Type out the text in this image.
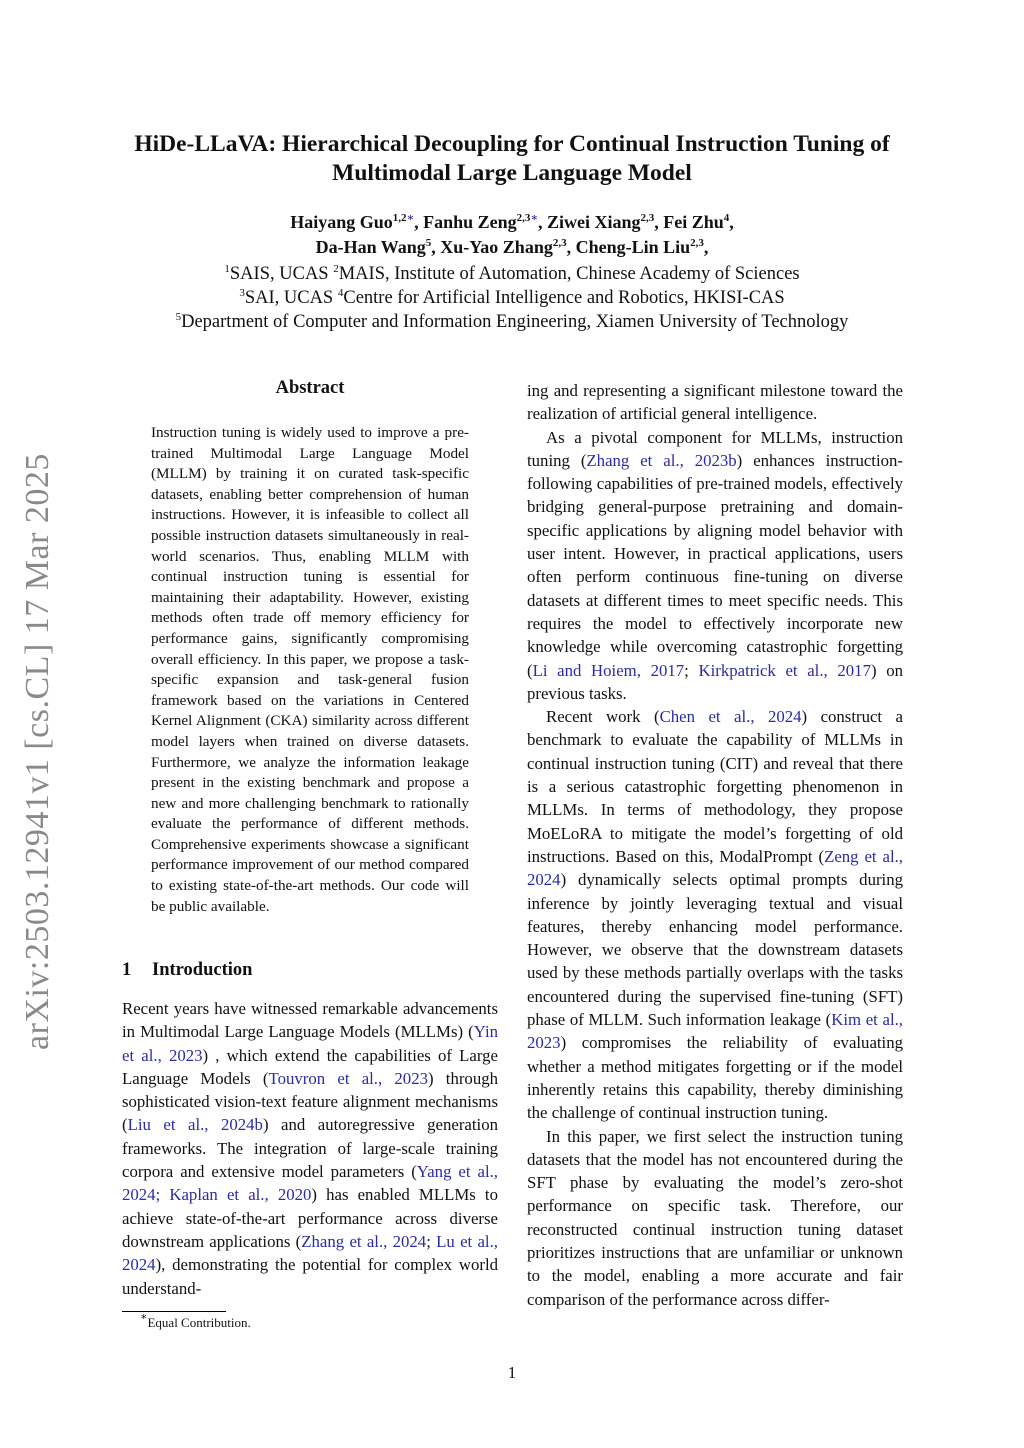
arXiv:2503.12941v1 [cs.CL] 17 Mar 2025
HiDe-LLaVA: Hierarchical Decoupling for Continual Instruction Tuning of
Multimodal Large Language Model
Haiyang Guo$^{1,2∗}$, Fanhu Zeng$^{2,3∗}$, Ziwei Xiang$^{2,3}$, Fei Zhu$^4$,
Da-Han Wang$^5$, Xu-Yao Zhang$^{2,3}$, Cheng-Lin Liu$^{2,3}$,
$^1$SAIS, UCAS $^2$MAIS, Institute of Automation, Chinese Academy of Sciences
$^3$SAI, UCAS $^4$Centre for Artificial Intelligence and Robotics, HKISI-CAS
$^5$Department of Computer and Information Engineering, Xiamen University of Technology
Abstract
Instruction tuning is widely used to improve a pre-trained Multimodal Large Language Model (MLLM) by training it on curated task-specific datasets, enabling better comprehension of human instructions. However, it is infeasible to collect all possible instruction datasets simultaneously in real-world scenarios. Thus, enabling MLLM with continual instruction tuning is essential for maintaining their adaptability. However, existing methods often trade off memory efficiency for performance gains, significantly compromising overall efficiency. In this paper, we propose a task-specific expansion and task-general fusion framework based on the variations in Centered Kernel Alignment (CKA) similarity across different model layers when trained on diverse datasets. Furthermore, we analyze the information leakage present in the existing benchmark and propose a new and more challenging benchmark to rationally evaluate the performance of different methods. Comprehensive experiments showcase a significant performance improvement of our method compared to existing state-of-the-art methods. Our code will be public available.
1 Introduction

Recent years have witnessed remarkable advancements in Multimodal Large Language Models (MLLMs) (Yin et al., 2023) , which extend the capabilities of Large Language Models (Touvron et al., 2023) through sophisticated vision-text feature alignment mechanisms (Liu et al., 2024b) and autoregressive generation frameworks. The integration of large-scale training corpora and extensive model parameters (Yang et al., 2024; Kaplan et al., 2020) has enabled MLLMs to achieve state-of-the-art performance across diverse downstream applications (Zhang et al., 2024; Lu et al., 2024), demonstrating the potential for complex world understand-

∗Equal Contribution.

ing and representing a significant milestone toward the realization of artificial general intelligence.

As a pivotal component for MLLMs, instruction tuning (Zhang et al., 2023b) enhances instruction-following capabilities of pre-trained models, effectively bridging general-purpose pretraining and domain-specific applications by aligning model behavior with user intent. However, in practical applications, users often perform continuous fine-tuning on diverse datasets at different times to meet specific needs. This requires the model to effectively incorporate new knowledge while overcoming catastrophic forgetting (Li and Hoiem, 2017; Kirkpatrick et al., 2017) on previous tasks.

Recent work (Chen et al., 2024) construct a benchmark to evaluate the capability of MLLMs in continual instruction tuning (CIT) and reveal that there is a serious catastrophic forgetting phenomenon in MLLMs. In terms of methodology, they propose MoELoRA to mitigate the model’s forgetting of old instructions. Based on this, ModalPrompt (Zeng et al., 2024) dynamically selects optimal prompts during inference by jointly leveraging textual and visual features, thereby enhancing model performance. However, we observe that the downstream datasets used by these methods partially overlaps with the tasks encountered during the supervised fine-tuning (SFT) phase of MLLM. Such information leakage (Kim et al., 2023) compromises the reliability of evaluating whether a method mitigates forgetting or if the model inherently retains this capability, thereby diminishing the challenge of continual instruction tuning.

In this paper, we first select the instruction tuning datasets that the model has not encountered during the SFT phase by evaluating the model’s zero-shot performance on specific task. Therefore, our reconstructed continual instruction tuning dataset prioritizes instructions that are unfamiliar or unknown to the model, enabling a more accurate and fair comparison of the performance across differ-

1
